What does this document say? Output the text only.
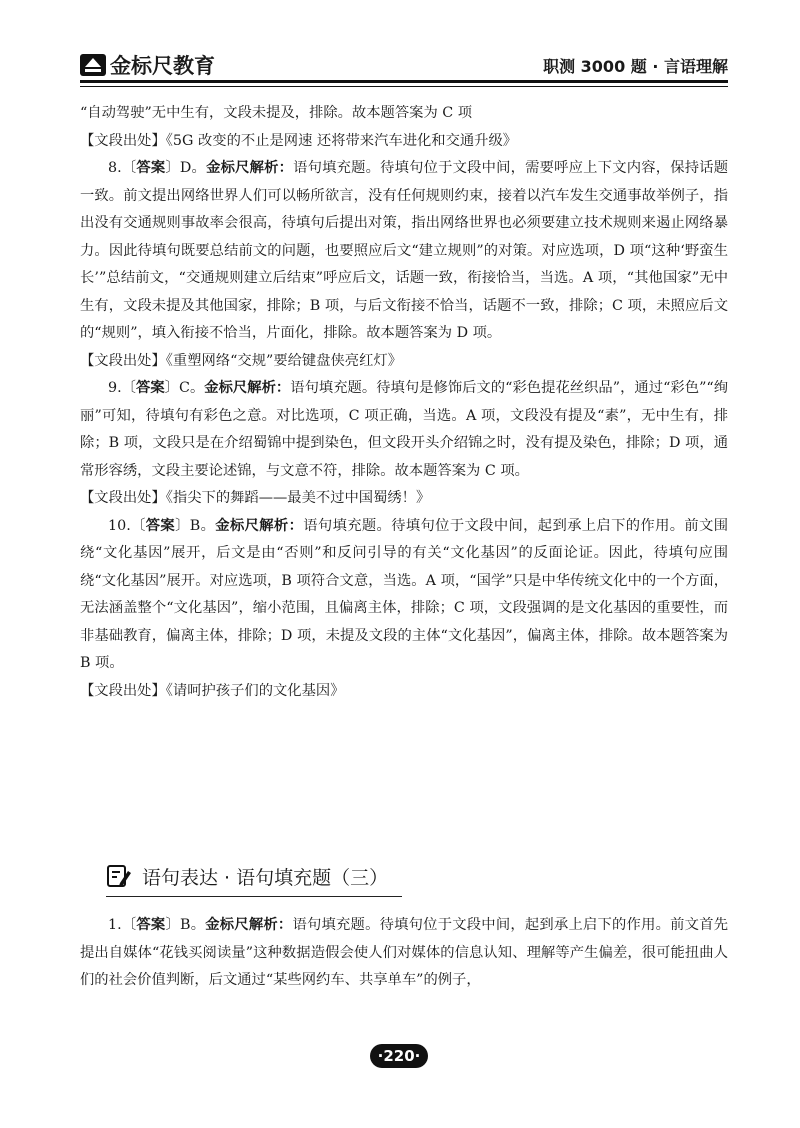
金标尺教育	职测 3000 题 · 言语理解

“自动驾驶”无中生有，文段未提及，排除。故本题答案为 C 项

【文段出处】《5G 改变的不止是网速 还将带来汽车进化和交通升级》

8.〔答案〕D。金标尺解析：语句填充题。待填句位于文段中间，需要呼应上下文内容，保持话题一致。前文提出网络世界人们可以畅所欲言，没有任何规则约束，接着以汽车发生交通事故举例子，指出没有交通规则事故率会很高，待填句后提出对策，指出网络世界也必须要建立技术规则来遏止网络暴力。因此待填句既要总结前文的问题，也要照应后文“建立规则”的对策。对应选项，D 项“这种‘野蛮生长’”总结前文，“交通规则建立后结束”呼应后文，话题一致，衔接恰当，当选。A 项，“其他国家”无中生有，文段未提及其他国家，排除；B 项，与后文衔接不恰当，话题不一致，排除；C 项，未照应后文的“规则”，填入衔接不恰当，片面化，排除。故本题答案为 D 项。

【文段出处】《重塑网络“交规”要给键盘侠亮红灯》

9.〔答案〕C。金标尺解析：语句填充题。待填句是修饰后文的“彩色提花丝织品”，通过“彩色”“绚丽”可知，待填句有彩色之意。对比选项，C 项正确，当选。A 项，文段没有提及“素”，无中生有，排除；B 项，文段只是在介绍蜀锦中提到染色，但文段开头介绍锦之时，没有提及染色，排除；D 项，通常形容绣，文段主要论述锦，与文意不符，排除。故本题答案为 C 项。

【文段出处】《指尖下的舞蹈——最美不过中国蜀绣！》

10.〔答案〕B。金标尺解析：语句填充题。待填句位于文段中间，起到承上启下的作用。前文围绕“文化基因”展开，后文是由“否则”和反问引导的有关“文化基因”的反面论证。因此，待填句应围绕“文化基因”展开。对应选项，B 项符合文意，当选。A 项，“国学”只是中华传统文化中的一个方面，无法涵盖整个“文化基因”，缩小范围，且偏离主体，排除；C 项，文段强调的是文化基因的重要性，而非基础教育，偏离主体，排除；D 项，未提及文段的主体“文化基因”，偏离主体，排除。故本题答案为 B 项。

【文段出处】《请呵护孩子们的文化基因》

语句表达 · 语句填充题（三）

1.〔答案〕B。金标尺解析：语句填充题。待填句位于文段中间，起到承上启下的作用。前文首先提出自媒体“花钱买阅读量”这种数据造假会使人们对媒体的信息认知、理解等产生偏差，很可能扭曲人们的社会价值判断，后文通过“某些网约车、共享单车”的例子，

·220·
